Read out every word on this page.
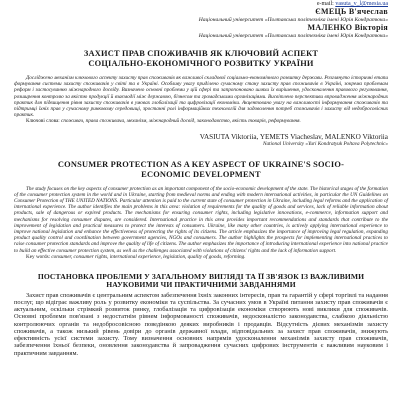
e-mail: vasuta_v_l@mesia.ua
ЄМЕЦЬ В'ячеслав
Національний університет «Полтавська політехніка імені Юрія Кондратюка»
МАЛЕНКО Вікторія
Національний університет «Полтавська політехніка імені Юрія Кондратюка»
ЗАХИСТ ПРАВ СПОЖИВАЧІВ ЯК КЛЮЧОВИЙ АСПЕКТ СОЦІАЛЬНО-ЕКОНОМІЧНОГО РОЗВИТКУ УКРАЇНИ
Досліджено механізм ключового аспекту захисту прав споживачів як важливої складової соціально-економічного розвитку держави. Розглянуто історичні етапи формування системи захисту споживачів у світі та в Україні. Особливу увагу приділено сучасному стану захисту прав споживачів в Україні, зокрема проблемам реформ і застосуванню міжнародного досвіду. Визначено основні проблеми у цій сфері та запропоновано шляхи їх вирішення, удосконалення правового регулювання, розширення контролю за якістю продукції й взаємодії між державою, бізнесом та громадськими організаціями. Висвітлено перспективи впровадження міжнародних практик для підвищення рівня захисту споживачів в умовах глобалізації та цифровізації економіки. Акцентовано увагу на важливості інформування споживачів та підтримці їхніх прав у сучасному ринковому середовищі, зростанні ролі інформаційних технологій для задоволення потреб споживачів і захисту від недобросовісних практик.
Ключові слова: споживач, права споживача, механізм, міжнародний досвід, законодавство, якість товарів, реформування.
VASIUTA Viktoriia, YEMETS Viacheslav, MALENKO Viktoriia
National University «Yuri Kondratyuk Poltava Polytechnic»
CONSUMER PROTECTION AS A KEY ASPECT OF UKRAINE'S SOCIO-ECONOMIC DEVELOPMENT
The study focuses on the key aspects of consumer protection as an important component of the socio-economic development of the state. The historical stages of the formation of the consumer protection system in the world and in Ukraine, starting from medieval norms and ending with modern international activities, in particular the UN Guidelines on Consumer Protection of THE UNITED NATIONS. Particular attention is paid to the current state of consumer protection in Ukraine, including legal reforms and the application of international experience. The author identifies the main problems in this area: violation of requirements for the quality of goods and services, lack of reliable information about products, sale of dangerous or expired products. The mechanisms for ensuring consumer rights, including legislative innovations, e-commerce, information support and mechanisms for resolving consumer disputes, are considered. International practice in this area provides important recommendations and standards that contribute to the improvement of legislation and practical measures to protect the interests of consumers. Ukraine, like many other countries, is actively applying international experience to improve national legislation and enhance the effectiveness of protecting the rights of its citizens. The article emphasizes the importance of improving legal regulation, expanding product quality control and coordination between government agencies, NGOs and consumers. The author highlights the prospects for implementing international practices to raise consumer protection standards and improve the quality of life of citizens. The author emphasizes the importance of introducing international experience into national practice to build an effective consumer protection system, as well as the challenges associated with violations of citizens' rights and the lack of information support.
Key words: consumer, consumer rights, international experience, legislation, quality of goods, reforming.
ПОСТАНОВКА ПРОБЛЕМИ У ЗАГАЛЬНОМУ ВИГЛЯДІ ТА ЇЇ ЗВ'ЯЗОК ІЗ ВАЖЛИВИМИ НАУКОВИМИ ЧИ ПРАКТИЧНИМИ ЗАВДАННЯМИ
Захист прав споживачів є центральним аспектом забезпечення їхніх законних інтересів, прав та гарантій у сфері торгівлі та надання послуг, що відіграє важливу роль у розвитку економіки та суспільства. За сучасних умов в Україні питання захисту прав споживачів є актуальним, оскільки стрімкий розвиток ринку, глобалізація та цифровізація економіки створюють нові виклики для споживачів. Основні проблеми пов'язані з недостатнім рівнем інформованості споживачів, недосконалістю законодавства, слабкою діяльністю контролюючих органів та недобросовісною поведінкою деяких виробників і продавців. Відсутність дієвих механізмів захисту споживачів, а також низький рівень довіри до органів державної влади, відповідальних за захист прав споживачів, знижують ефективність усієї системи захисту. Тому визначення основних напрямів удосконалення механізмів захисту прав споживачів, забезпечення їхньої безпеки, оновлення законодавства й запровадження сучасних цифрових інструментів є важливим науковим і практичним завданням.
